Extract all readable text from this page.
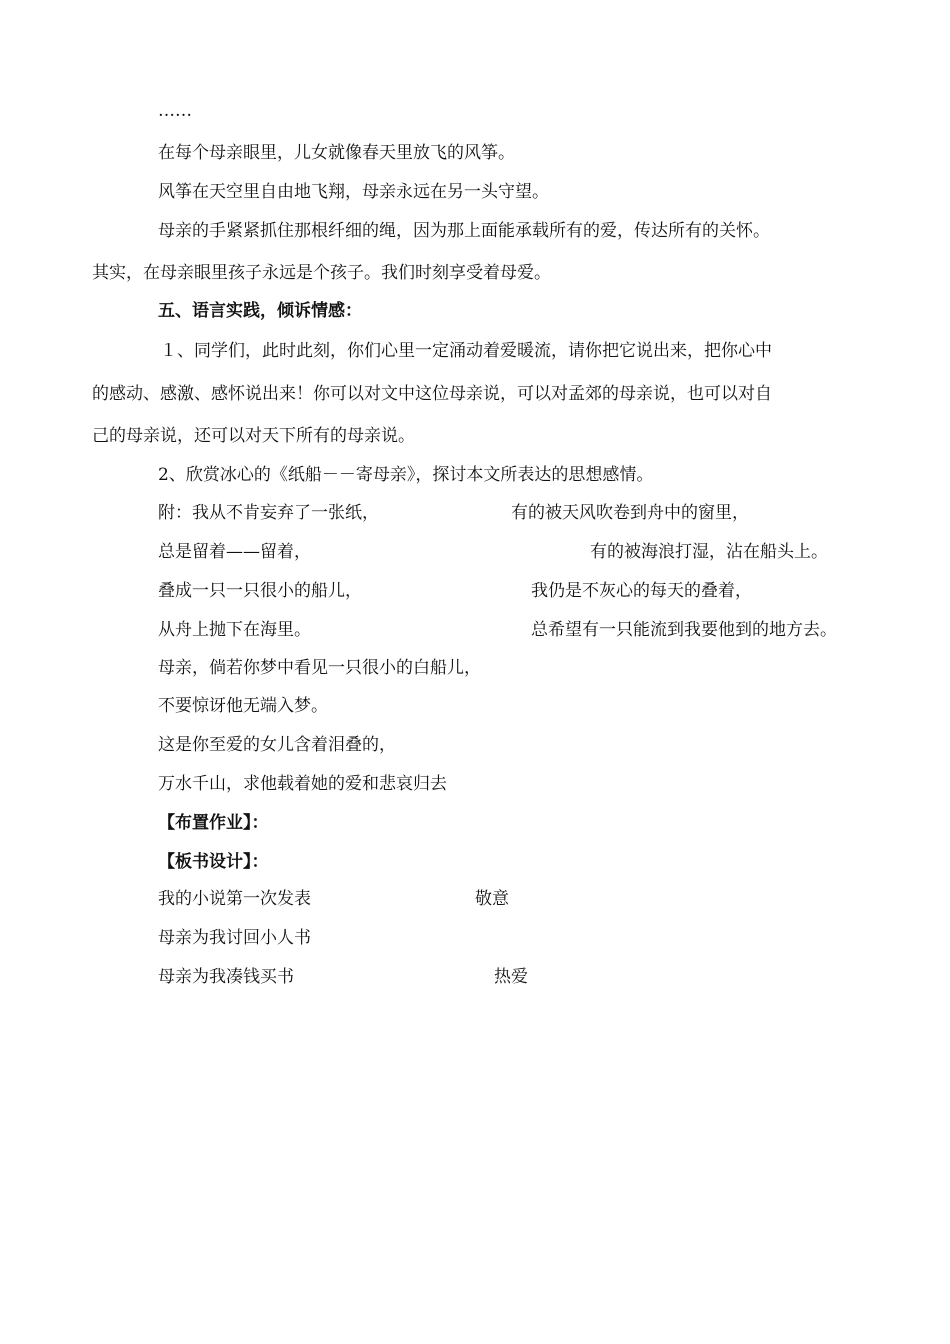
……
在每个母亲眼里，儿女就像春天里放飞的风筝。
风筝在天空里自由地飞翔，母亲永远在另一头守望。
母亲的手紧紧抓住那根纤细的绳，因为那上面能承载所有的爱，传达所有的关怀。
其实，在母亲眼里孩子永远是个孩子。我们时刻享受着母爱。
五、语言实践，倾诉情感：
１、同学们，此时此刻，你们心里一定涌动着爱暖流，请你把它说出来，把你心中
的感动、感激、感怀说出来！你可以对文中这位母亲说，可以对孟郊的母亲说，也可以对自
己的母亲说，还可以对天下所有的母亲说。
2、欣赏冰心的《纸船－－寄母亲》，探讨本文所表达的思想感情。
附：我从不肯妄弃了一张纸，	有的被天风吹卷到舟中的窗里，
总是留着——留着，	有的被海浪打湿，沾在船头上。
叠成一只一只很小的船儿，	我仍是不灰心的每天的叠着，
从舟上抛下在海里。	总希望有一只能流到我要他到的地方去。
母亲，倘若你梦中看见一只很小的白船儿，
不要惊讶他无端入梦。
这是你至爱的女儿含着泪叠的，
万水千山，求他载着她的爱和悲哀归去
【布置作业】：
【板书设计】：
我的小说第一次发表	敬意
母亲为我讨回小人书
母亲为我凑钱买书	热爱
